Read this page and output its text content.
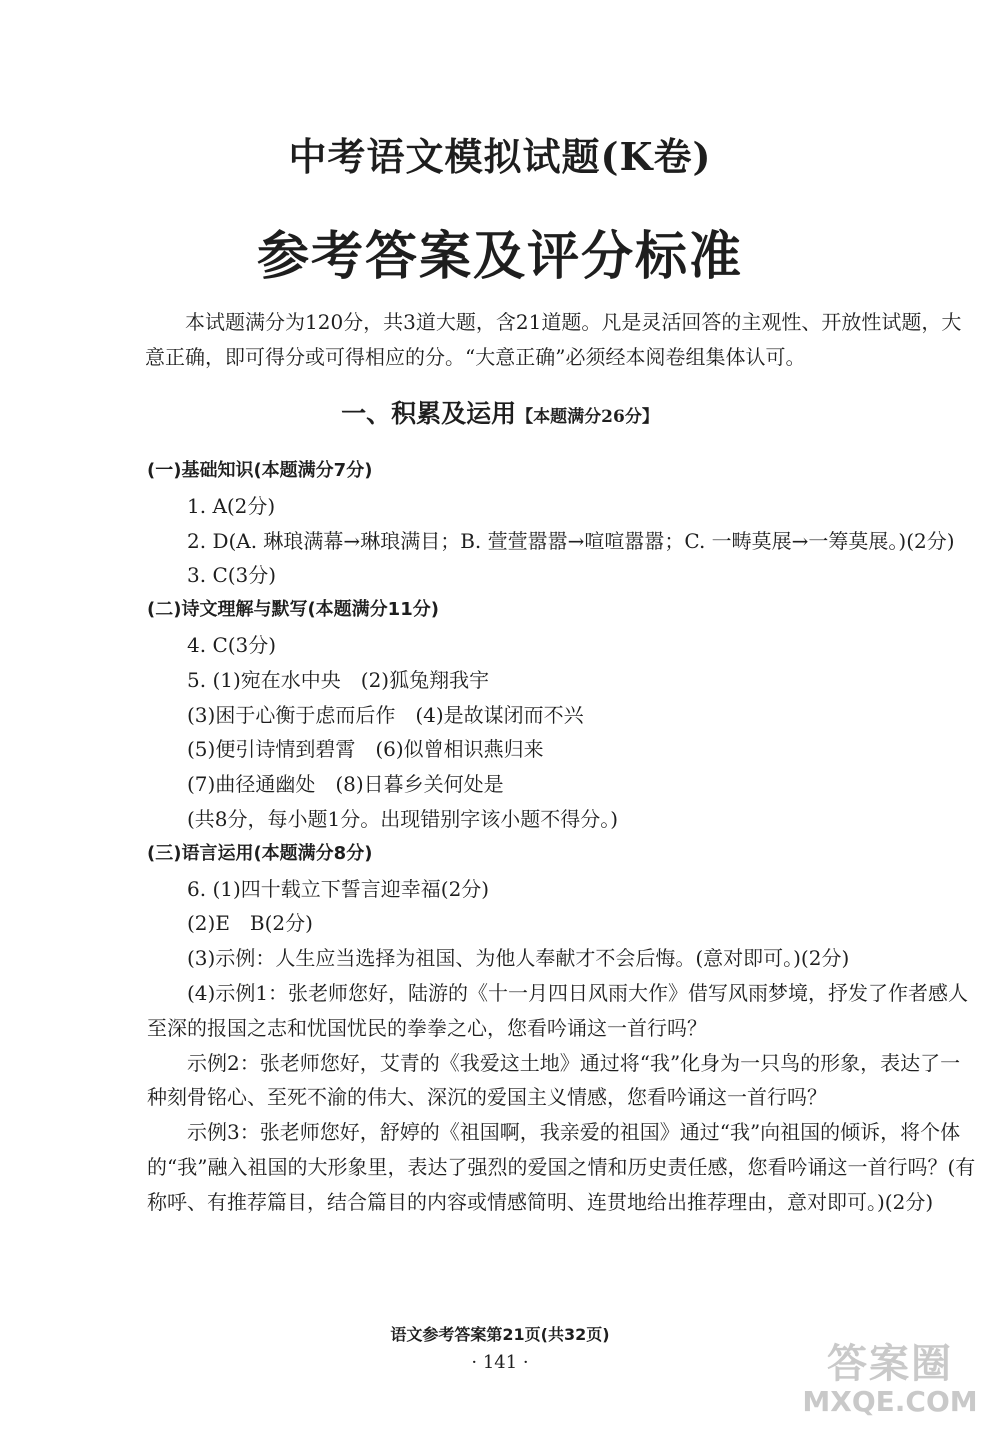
中考语文模拟试题(K卷)
参考答案及评分标准
本试题满分为120分，共3道大题，含21道题。凡是灵活回答的主观性、开放性试题，大意正确，即可得分或可得相应的分。“大意正确”必须经本阅卷组集体认可。
一、积累及运用【本题满分26分】

(一)基础知识(本题满分7分)

1. A(2分)

2. D(A. 琳琅满幕→琳琅满目；B. 萱萱嚣嚣→喧喧嚣嚣；C. 一畴莫展→一筹莫展。)(2分)

3. C(3分)

(二)诗文理解与默写(本题满分11分)

4. C(3分)

5. (1)宛在水中央　(2)狐兔翔我宇

(3)困于心衡于虑而后作　(4)是故谋闭而不兴

(5)便引诗情到碧霄　(6)似曾相识燕归来

(7)曲径通幽处　(8)日暮乡关何处是

(共8分，每小题1分。出现错别字该小题不得分。)

(三)语言运用(本题满分8分)

6. (1)四十载立下誓言迎幸福(2分)

(2)E　B(2分)

(3)示例：人生应当选择为祖国、为他人奉献才不会后悔。(意对即可。)(2分)

(4)示例1：张老师您好，陆游的《十一月四日风雨大作》借写风雨梦境，抒发了作者感人至深的报国之志和忧国忧民的拳拳之心，您看吟诵这一首行吗？

示例2：张老师您好，艾青的《我爱这土地》通过将“我”化身为一只鸟的形象，表达了一种刻骨铭心、至死不渝的伟大、深沉的爱国主义情感，您看吟诵这一首行吗？

示例3：张老师您好，舒婷的《祖国啊，我亲爱的祖国》通过“我”向祖国的倾诉，将个体的“我”融入祖国的大形象里，表达了强烈的爱国之情和历史责任感，您看吟诵这一首行吗？(有称呼、有推荐篇目，结合篇目的内容或情感简明、连贯地给出推荐理由，意对即可。)(2分)

语文参考答案第21页(共32页)
· 141 ·	答案圈
MXQE.COM
